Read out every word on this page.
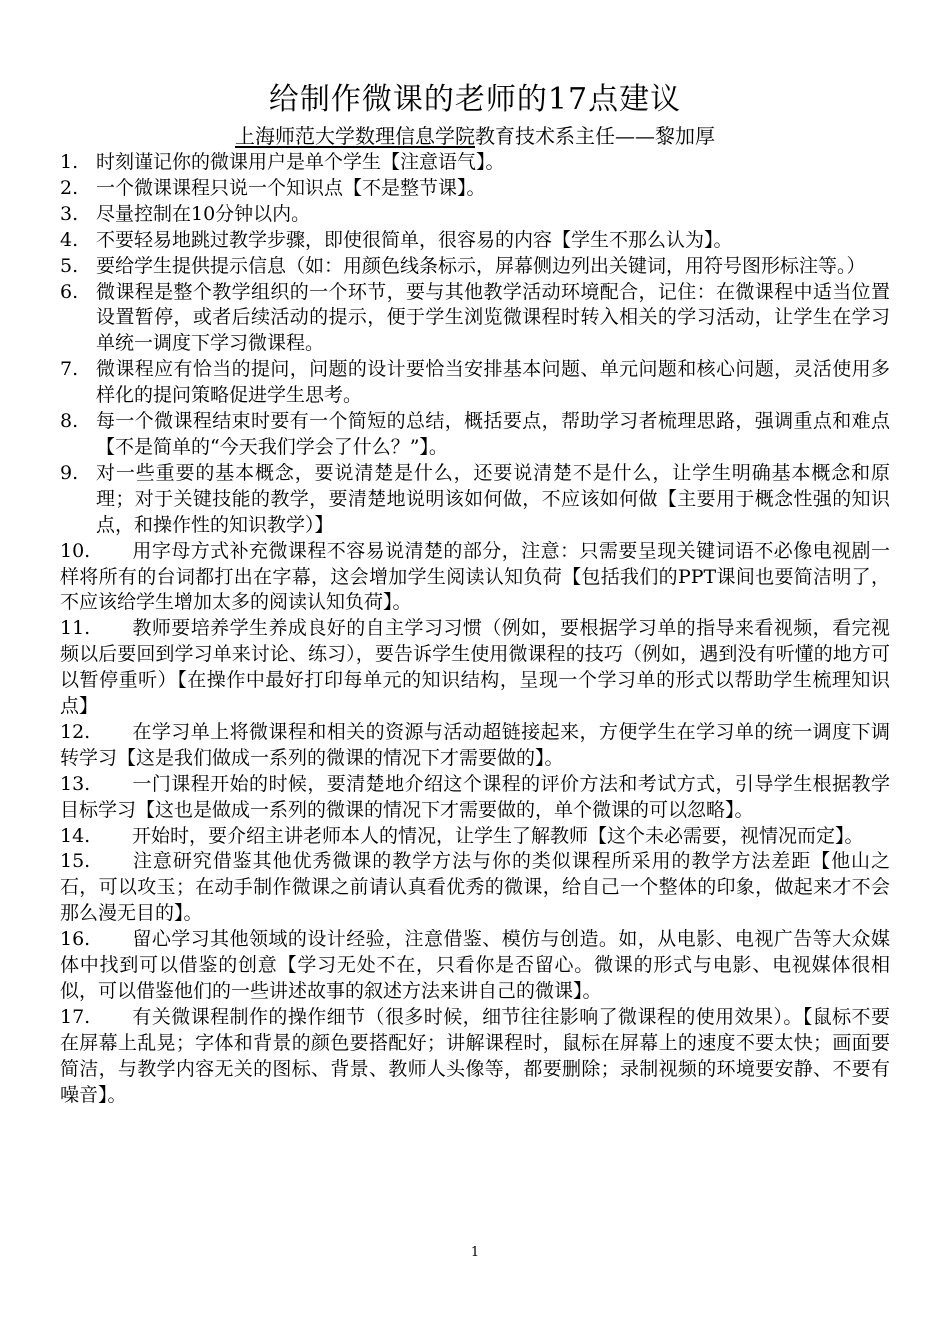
给制作微课的老师的17点建议

上海师范大学数理信息学院教育技术系主任——黎加厚

1. 时刻谨记你的微课用户是单个学生【注意语气】。
2. 一个微课课程只说一个知识点【不是整节课】。
3. 尽量控制在10分钟以内。
4. 不要轻易地跳过教学步骤，即使很简单，很容易的内容【学生不那么认为】。
5. 要给学生提供提示信息（如：用颜色线条标示，屏幕侧边列出关键词，用符号图形标注等。）
6. 微课程是整个教学组织的一个环节，要与其他教学活动环境配合，记住：在微课程中适当位置设置暂停，或者后续活动的提示，便于学生浏览微课程时转入相关的学习活动，让学生在学习单统一调度下学习微课程。
7. 微课程应有恰当的提问，问题的设计要恰当安排基本问题、单元问题和核心问题，灵活使用多样化的提问策略促进学生思考。
8. 每一个微课程结束时要有一个简短的总结，概括要点，帮助学习者梳理思路，强调重点和难点【不是简单的“今天我们学会了什么？”】。
9. 对一些重要的基本概念，要说清楚是什么，还要说清楚不是什么，让学生明确基本概念和原理；对于关键技能的教学，要清楚地说明该如何做，不应该如何做【主要用于概念性强的知识点，和操作性的知识教学）】
10. 用字母方式补充微课程不容易说清楚的部分，注意：只需要呈现关键词语不必像电视剧一样将所有的台词都打出在字幕，这会增加学生阅读认知负荷【包括我们的PPT课间也要简洁明了，不应该给学生增加太多的阅读认知负荷】。
11. 教师要培养学生养成良好的自主学习习惯（例如，要根据学习单的指导来看视频，看完视频以后要回到学习单来讨论、练习），要告诉学生使用微课程的技巧（例如，遇到没有听懂的地方可以暂停重听）【在操作中最好打印每单元的知识结构，呈现一个学习单的形式以帮助学生梳理知识点】
12. 在学习单上将微课程和相关的资源与活动超链接起来，方便学生在学习单的统一调度下调转学习【这是我们做成一系列的微课的情况下才需要做的】。
13. 一门课程开始的时候，要清楚地介绍这个课程的评价方法和考试方式，引导学生根据教学目标学习【这也是做成一系列的微课的情况下才需要做的，单个微课的可以忽略】。
14. 开始时，要介绍主讲老师本人的情况，让学生了解教师【这个未必需要，视情况而定】。
15. 注意研究借鉴其他优秀微课的教学方法与你的类似课程所采用的教学方法差距【他山之石，可以攻玉；在动手制作微课之前请认真看优秀的微课，给自己一个整体的印象，做起来才不会那么漫无目的】。
16. 留心学习其他领域的设计经验，注意借鉴、模仿与创造。如，从电影、电视广告等大众媒体中找到可以借鉴的创意【学习无处不在，只看你是否留心。微课的形式与电影、电视媒体很相似，可以借鉴他们的一些讲述故事的叙述方法来讲自己的微课】。
17. 有关微课程制作的操作细节（很多时候，细节往往影响了微课程的使用效果）。【鼠标不要在屏幕上乱晃；字体和背景的颜色要搭配好；讲解课程时，鼠标在屏幕上的速度不要太快；画面要简洁，与教学内容无关的图标、背景、教师人头像等，都要删除；录制视频的环境要安静、不要有噪音】。
1
